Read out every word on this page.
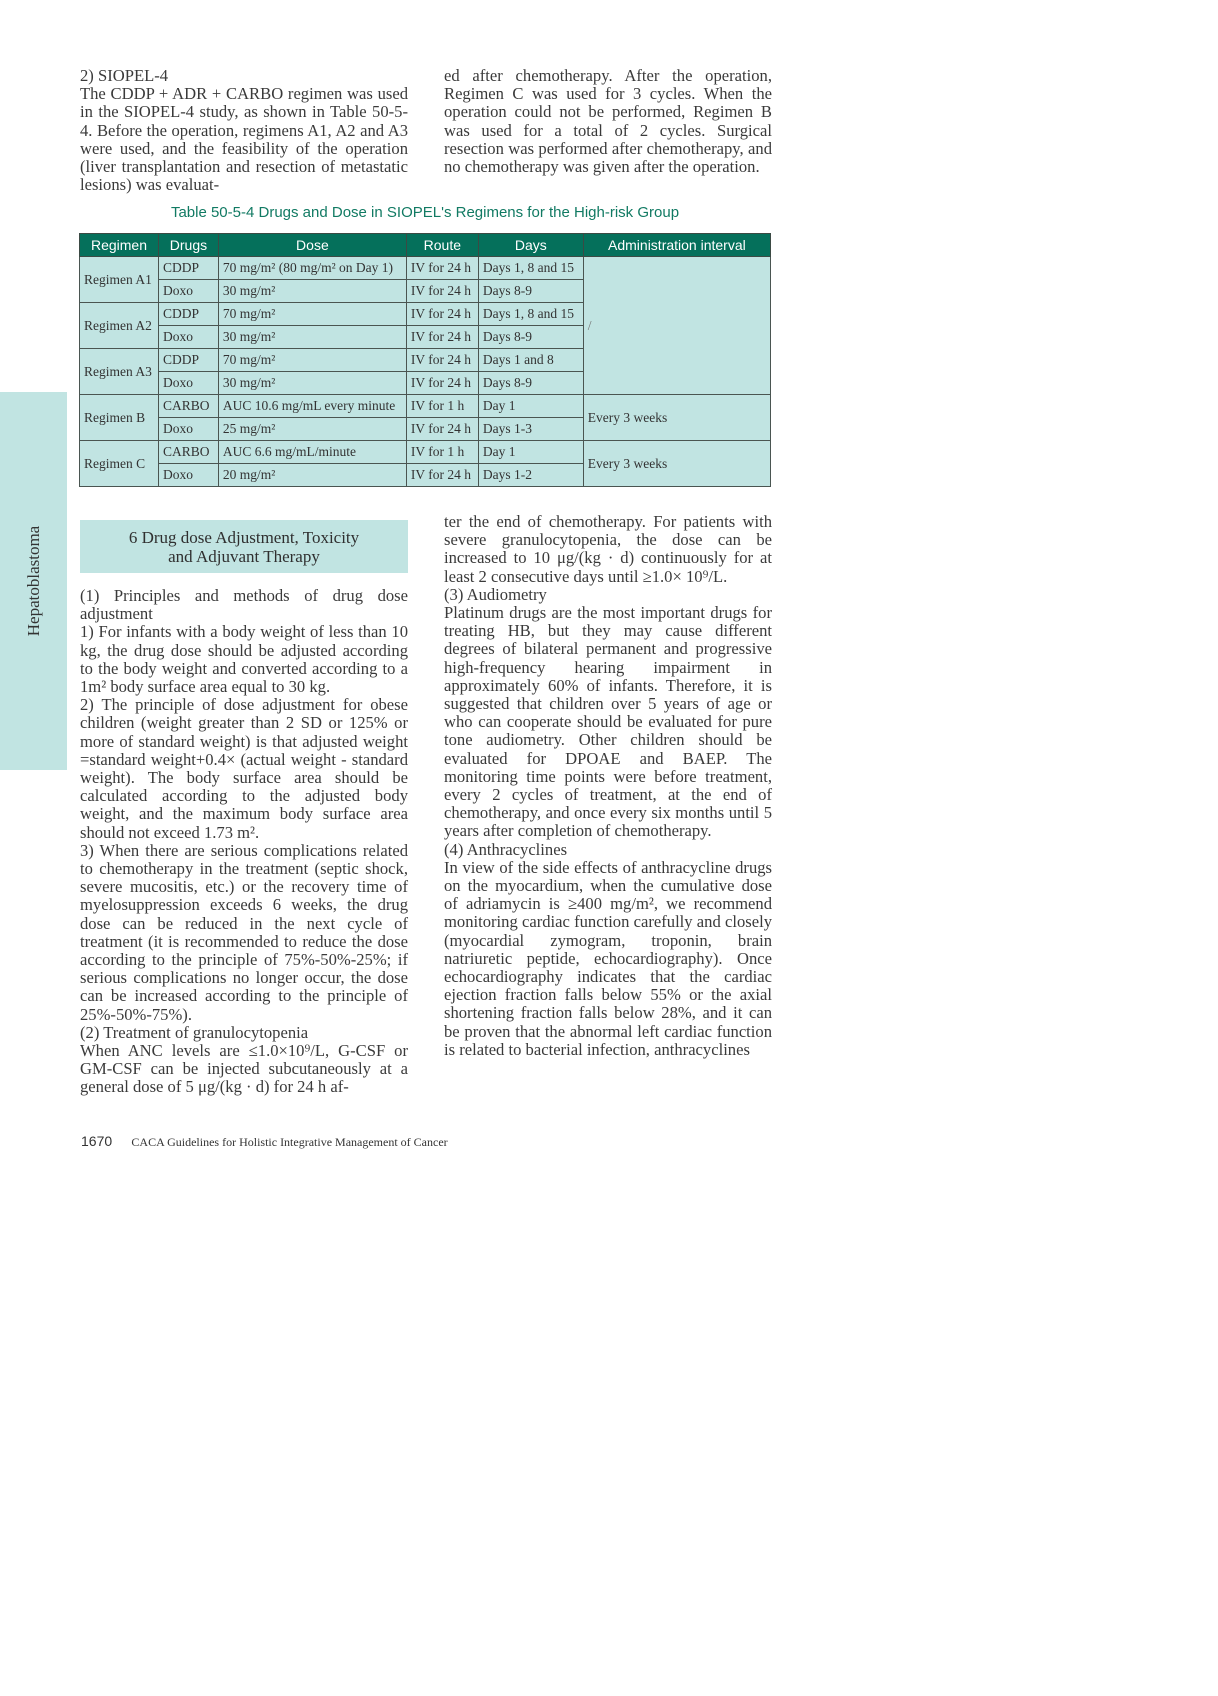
Hepatoblastoma

2) SIOPEL-4

The CDDP + ADR + CARBO regimen was used in the SIOPEL-4 study, as shown in Table 50-5-4. Before the operation, regimens A1, A2 and A3 were used, and the feasibility of the operation (liver transplantation and resection of metastatic lesions) was evaluat-

ed after chemotherapy. After the operation, Regimen C was used for 3 cycles. When the operation could not be performed, Regimen B was used for a total of 2 cycles. Surgical resection was performed after chemotherapy, and no chemotherapy was given after the operation.

Table 50-5-4 Drugs and Dose in SIOPEL's Regimens for the High-risk Group
Regimen	Drugs	Dose	Route	Days	Administration interval
Regimen A1	CDDP	70 mg/m² (80 mg/m² on Day 1)	IV for 24 h	Days 1, 8 and 15	/
	Doxo	30 mg/m²	IV for 24 h	Days 8-9	
Regimen A2	CDDP	70 mg/m²	IV for 24 h	Days 1, 8 and 15	
	Doxo	30 mg/m²	IV for 24 h	Days 8-9	
Regimen A3	CDDP	70 mg/m²	IV for 24 h	Days 1 and 8	
	Doxo	30 mg/m²	IV for 24 h	Days 8-9	
Regimen B	CARBO	AUC 10.6 mg/mL every minute	IV for 1 h	Day 1	Every 3 weeks
	Doxo	25 mg/m²	IV for 24 h	Days 1-3	
Regimen C	CARBO	AUC 6.6 mg/mL/minute	IV for 1 h	Day 1	Every 3 weeks
	Doxo	20 mg/m²	IV for 24 h	Days 1-2	
6 Drug dose Adjustment, Toxicity and Adjuvant Therapy

(1) Principles and methods of drug dose adjustment

1) For infants with a body weight of less than 10 kg, the drug dose should be adjusted according to the body weight and converted according to a 1m² body surface area equal to 30 kg.

2) The principle of dose adjustment for obese children (weight greater than 2 SD or 125% or more of standard weight) is that adjusted weight =standard weight+0.4× (actual weight - standard weight). The body surface area should be calculated according to the adjusted body weight, and the maximum body surface area should not exceed 1.73 m².

3) When there are serious complications related to chemotherapy in the treatment (septic shock, severe mucositis, etc.) or the recovery time of myelosuppression exceeds 6 weeks, the drug dose can be reduced in the next cycle of treatment (it is recommended to reduce the dose according to the principle of 75%-50%-25%; if serious complications no longer occur, the dose can be increased according to the principle of 25%-50%-75%).

(2) Treatment of granulocytopenia

When ANC levels are ≤1.0×10⁹/L, G-CSF or GM-CSF can be injected subcutaneously at a general dose of 5 μg/(kg · d) for 24 h af-

ter the end of chemotherapy. For patients with severe granulocytopenia, the dose can be increased to 10 μg/(kg · d) continuously for at least 2 consecutive days until ≥1.0× 10⁹/L.

(3) Audiometry

Platinum drugs are the most important drugs for treating HB, but they may cause different degrees of bilateral permanent and progressive high-frequency hearing impairment in approximately 60% of infants. Therefore, it is suggested that children over 5 years of age or who can cooperate should be evaluated for pure tone audiometry. Other children should be evaluated for DPOAE and BAEP. The monitoring time points were before treatment, every 2 cycles of treatment, at the end of chemotherapy, and once every six months until 5 years after completion of chemotherapy.

(4) Anthracyclines

In view of the side effects of anthracycline drugs on the myocardium, when the cumulative dose of adriamycin is ≥400 mg/m², we recommend monitoring cardiac function carefully and closely (myocardial zymogram, troponin, brain natriuretic peptide, echocardiography). Once echocardiography indicates that the cardiac ejection fraction falls below 55% or the axial shortening fraction falls below 28%, and it can be proven that the abnormal left cardiac function is related to bacterial infection, anthracyclines

1670 CACA Guidelines for Holistic Integrative Management of Cancer
